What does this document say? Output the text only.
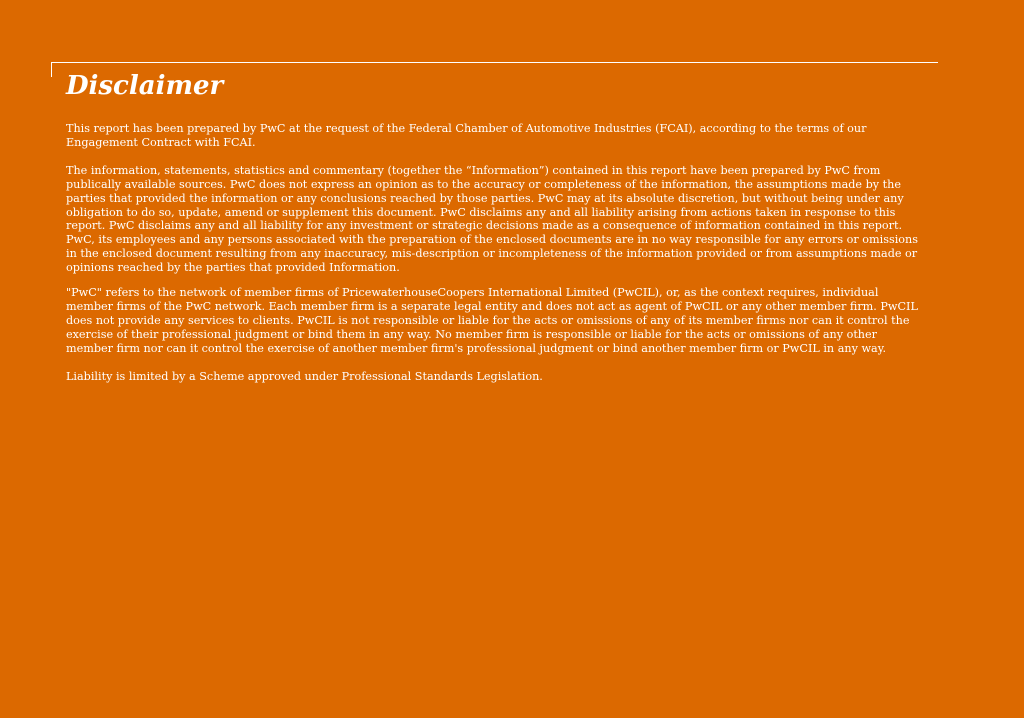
Disclaimer

This report has been prepared by PwC at the request of the Federal Chamber of Automotive Industries (FCAI), according to the terms of our Engagement Contract with FCAI.

The information, statements, statistics and commentary (together the “Information”) contained in this report have been prepared by PwC from publically available sources. PwC does not express an opinion as to the accuracy or completeness of the information, the assumptions made by the parties that provided the information or any conclusions reached by those parties. PwC may at its absolute discretion, but without being under any obligation to do so, update, amend or supplement this document. PwC disclaims any and all liability arising from actions taken in response to this report. PwC disclaims any and all liability for any investment or strategic decisions made as a consequence of information contained in this report. PwC, its employees and any persons associated with the preparation of the enclosed documents are in no way responsible for any errors or omissions in the enclosed document resulting from any inaccuracy, mis-description or incompleteness of the information provided or from assumptions made or opinions reached by the parties that provided Information.

"PwC" refers to the network of member firms of PricewaterhouseCoopers International Limited (PwCIL), or, as the context requires, individual member firms of the PwC network. Each member firm is a separate legal entity and does not act as agent of PwCIL or any other member firm. PwCIL does not provide any services to clients. PwCIL is not responsible or liable for the acts or omissions of any of its member firms nor can it control the exercise of their professional judgment or bind them in any way. No member firm is responsible or liable for the acts or omissions of any other member firm nor can it control the exercise of another member firm's professional judgment or bind another member firm or PwCIL in any way.

Liability is limited by a Scheme approved under Professional Standards Legislation.
